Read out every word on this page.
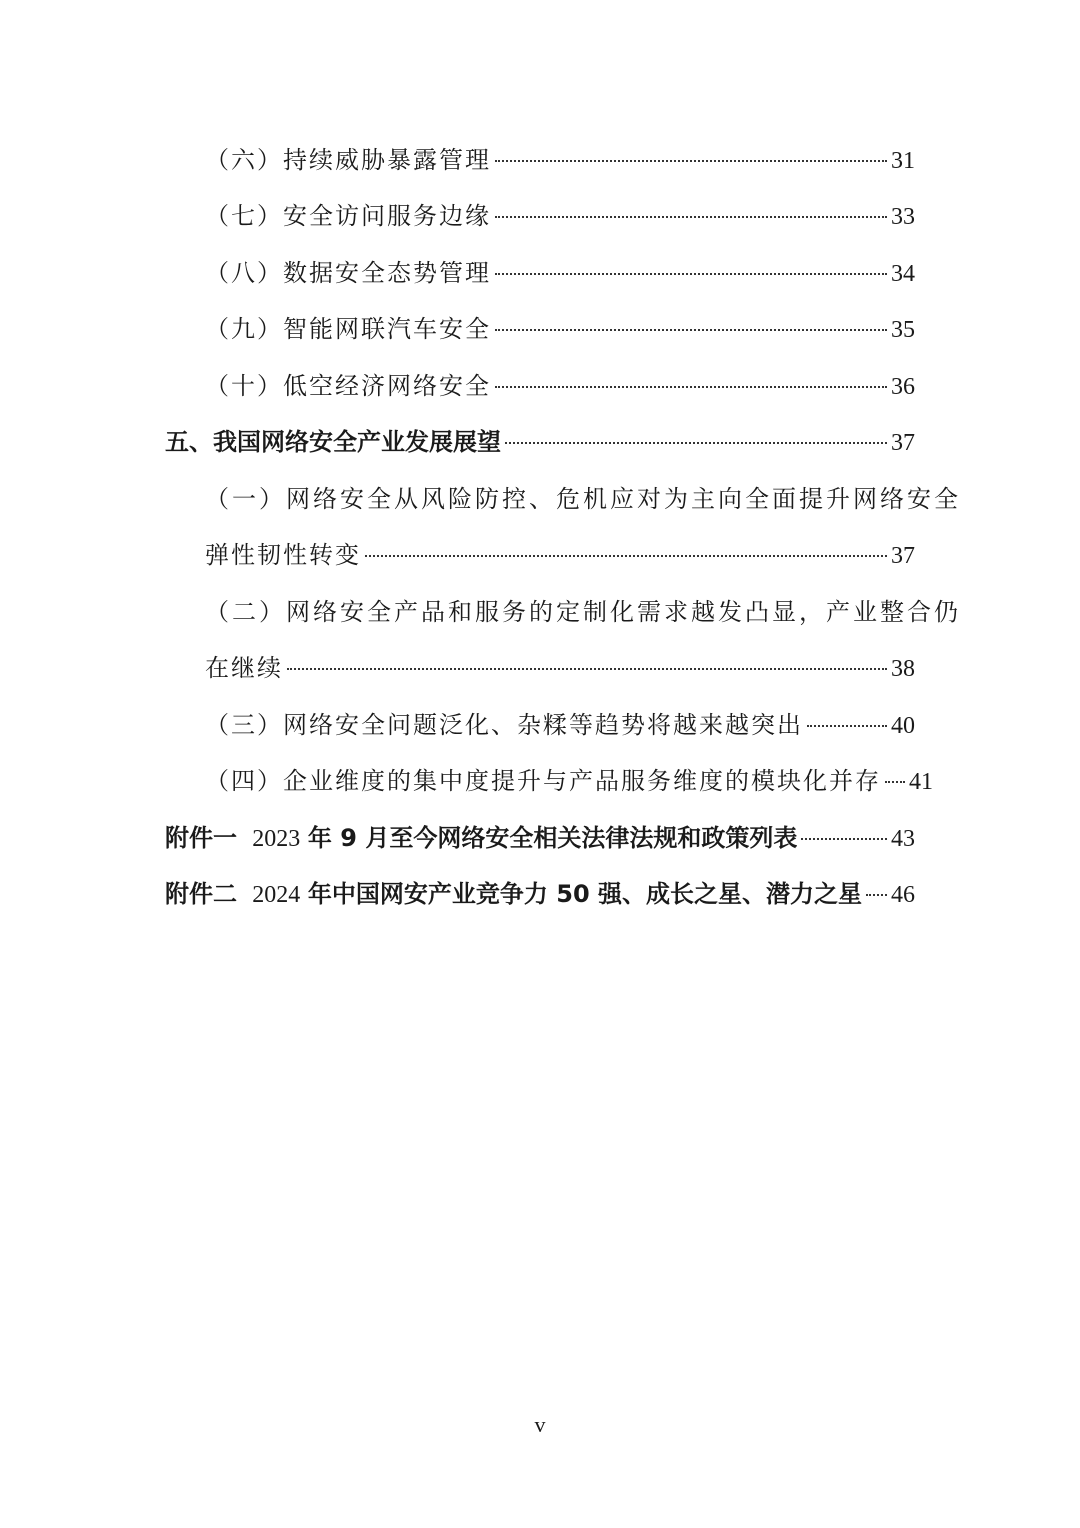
（六）持续威胁暴露管理	31
（七）安全访问服务边缘	33
（八）数据安全态势管理	34
（九）智能网联汽车安全	35
（十）低空经济网络安全	36
五、我国网络安全产业发展展望	37
（一）网络安全从风险防控、危机应对为主向全面提升网络安全
弹性韧性转变	37
（二）网络安全产品和服务的定制化需求越发凸显，产业整合仍
在继续	38
（三）网络安全问题泛化、杂糅等趋势将越来越突出	40
（四）企业维度的集中度提升与产品服务维度的模块化并存 41
附件一 2023 年 9 月至今网络安全相关法律法规和政策列表	43
附件二 2024 年中国网安产业竞争力 50 强、成长之星、潜力之星 46
v
